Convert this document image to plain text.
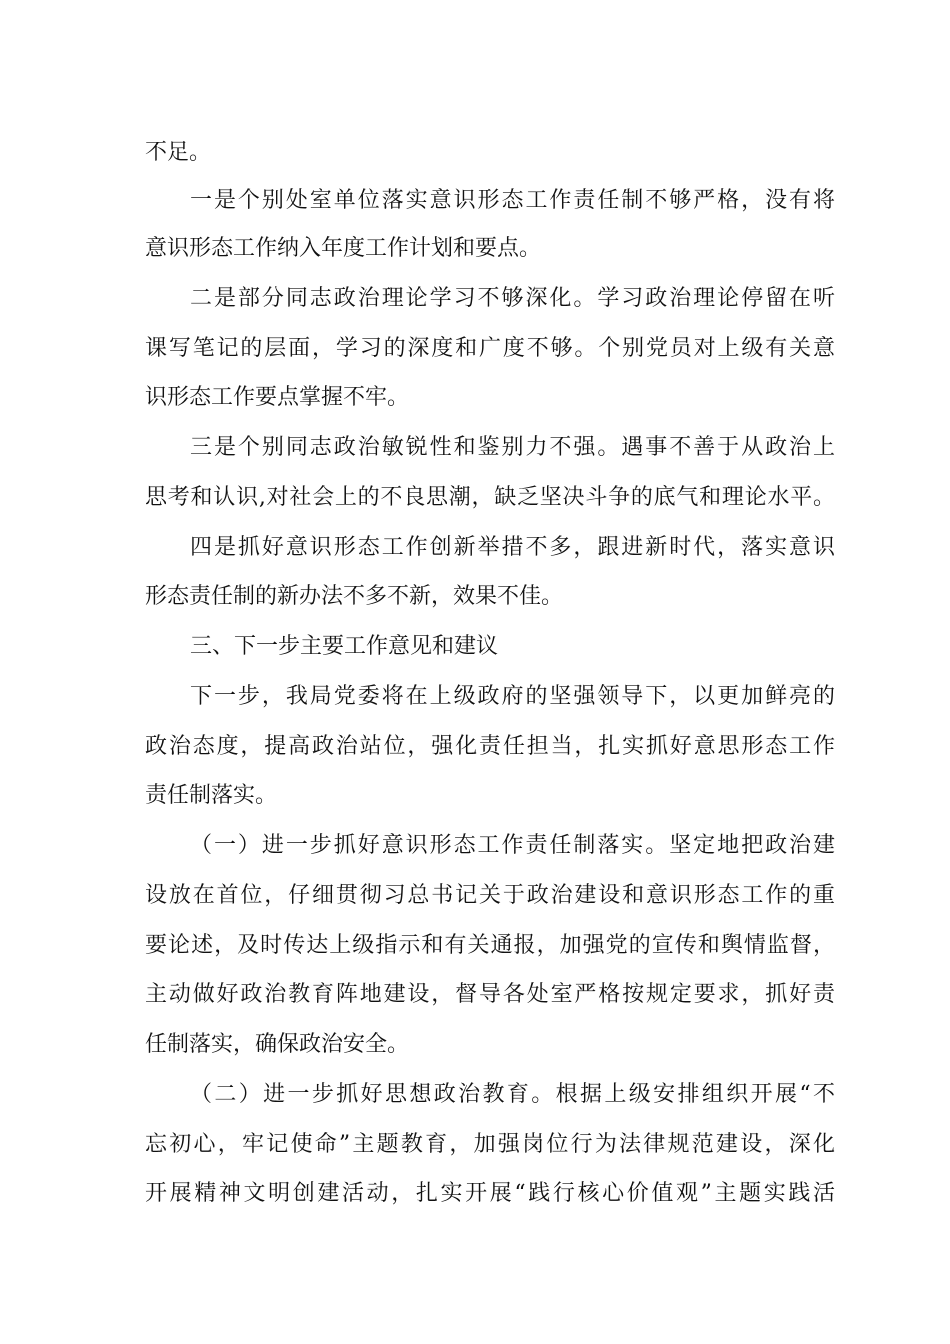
不足。
一是个别处室单位落实意识形态工作责任制不够严格，没有将
意识形态工作纳入年度工作计划和要点。
二是部分同志政治理论学习不够深化。学习政治理论停留在听
课写笔记的层面，学习的深度和广度不够。个别党员对上级有关意
识形态工作要点掌握不牢。
三是个别同志政治敏锐性和鉴别力不强。遇事不善于从政治上
思考和认识,对社会上的不良思潮，缺乏坚决斗争的底气和理论水平。
四是抓好意识形态工作创新举措不多，跟进新时代，落实意识
形态责任制的新办法不多不新，效果不佳。
三、下一步主要工作意见和建议
下一步，我局党委将在上级政府的坚强领导下，以更加鲜亮的
政治态度，提高政治站位，强化责任担当，扎实抓好意思形态工作
责任制落实。
（一）进一步抓好意识形态工作责任制落实。坚定地把政治建
设放在首位，仔细贯彻习总书记关于政治建设和意识形态工作的重
要论述，及时传达上级指示和有关通报，加强党的宣传和舆情监督，
主动做好政治教育阵地建设，督导各处室严格按规定要求，抓好责
任制落实，确保政治安全。
（二）进一步抓好思想政治教育。根据上级安排组织开展“不
忘初心，牢记使命”主题教育，加强岗位行为法律规范建设，深化
开展精神文明创建活动，扎实开展“践行核心价值观”主题实践活
